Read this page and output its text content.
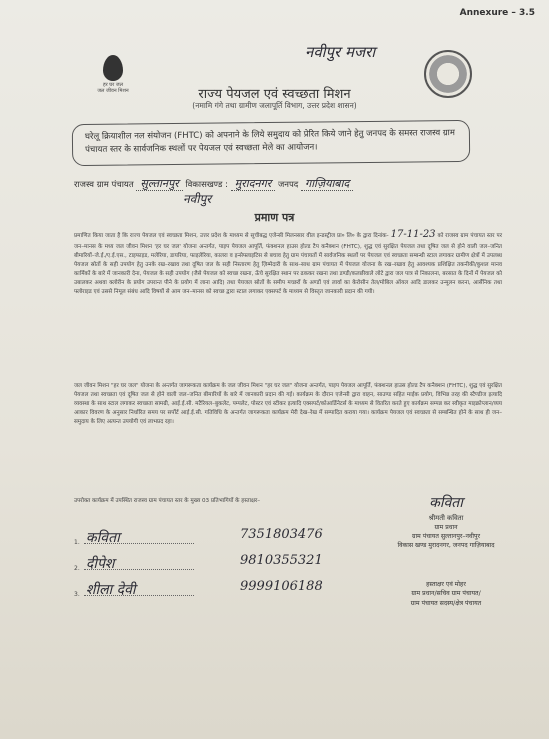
Annexure – 3.5
हर घर जल
जल जीवन मिशन
नवीपुर मजरा
राज्य पेयजल एवं स्वच्छता मिशन
(नमामि गंगे तथा ग्रामीण जलापूर्ति विभाग, उत्तर प्रदेश शासन)
घरेलू क्रियाशील नल संयोजन (FHTC) को अपनाने के लिये समुदाय को प्रेरित किये जाने हेतु जनपद के समस्त राजस्व ग्राम पंचायत स्तर के सार्वजनिक स्थलों पर पेयजल एवं स्वच्छता मेले का आयोजन।
राजस्व ग्राम पंचायत सुल्तानपुर विकासखण्ड : मुरादनगर जनपद गाज़ियाबाद
नवीपुर
प्रमाण पत्र
प्रमाणित किया जाता है कि राज्य पेयजल एवं स्वच्छता मिशन, उत्तर प्रदेश के माध्यम से सूचीबद्ध एजेन्सी मिलनसार वील इन्डस्ट्रीज प्रा० लि० के द्वारा दिनांक- 17-11-23 को राजस्व ग्राम पंचायत स्तर पर जन–मानस के मध्य जल जीवन मिशन 'हर घर जल' योजना अन्तर्गत, पाइप पेयजल आपूर्ति, फंक्शनल हाउस होल्ड टैप कनैक्शन (FHTC), शुद्ध एवं सुरक्षित पेयजल तथा दूषित जल से होने वाली जल–जनित बीमारियों–जे.ई./ए.ई.एस., टाइफाइड, मलेरिया, डायरिया, फाइलेरिया, कालरा व इन्सेफ्लाइटिस से बचाव हेतु ग्राम पंचायतों में सार्वजनिक स्थलों पर पेयजल एवं स्वच्छता सम्बन्धी स्टाल लगाकर ग्रामीण क्षेत्रों में उपलब्ध पेयजल स्रोतों के सही उपयोग हेतु उनके रख–रखाव तथा दूषित जल के सही निस्तारण हेतु ज़िम्मेदारी के साथ–साथ ग्राम पंचायत में पेयजल योजना के रख–रखाव हेतु आवश्यक प्रशिक्षित तकनीकी/कुशल मानव कार्मिकों के बारे में जानकारी देना, पेयजल के सही उपयोग (जैसे पेयजल को स्वच्छ रखना, ऊँचे सुरक्षित स्थान पर ढककर रखना तथा डण्डी/कलछीवाले लोटे द्वारा जल पात्र से निकालना, बरसात के दिनों में पेयजल को उबालकर अथवा क्लोरीन के प्रयोग उपरान्त पीने के प्रयोग में लाना आदि) तथा पेयजल स्रोतों के समीप मच्छरों के अण्डों एवं लार्वा का केरोसीन तेल/मोबिल ऑयल आदि डालकर उन्मूलन करना, आर्सेनिक तथा फ्लोराइड एवं उससे निमूल संबंध आदि विषयों से आम जन–मानस को स्वच्छ द्वारा स्टाल लगाकर एक्सपर्ट के माध्यम से विस्तृत जानकारी प्रदान की गयी।
जल जीवन मिशन "हर घर जल" योजना के अन्तर्गत जागरूकता कार्यक्रम के जल जीवन मिशन "हर घर जल" योजना अन्तर्गत, पाइप पेयजल आपूर्ति, फंक्शनल हाउस होल्ड टैप कनैक्शन (FHTC), शुद्ध एवं सुरक्षित पेयजल तथा स्वच्छता एवं दूषित जल से होने वाली जल–जनित बीमारियों के बारे में जानकारी प्रदान की गई। कार्यक्रम के दौरान एजेन्सी द्वारा वाहन, साउण्ड सहित माईक प्रयोग, विभिन्न तरह की स्टैण्डीज इत्यादि व्यवस्था के साथ स्टाल लगाकर स्वच्छता सामग्री, आई.ई.सी. मटैरियल–बुकलेट, पम्पलेट, पोस्टर एवं स्टीकर इत्यादि एक्सपर्ट/कोआर्डिनेटर्स के माध्यम से वितरित करते हुए कार्यक्रम सम्पन्न कर स्वीकृत माइक्रोप्लान/व्यय आकार विवरण के अनुसार निर्धारित समय पर सर्पोर्ट आई.ई.सी. गतिविधि के अन्तर्गत जागरूकता कार्यक्रम मेरी देख–रेख में सम्पादित कराया गया। कार्यक्रम पेयजल एवं स्वच्छता से सम्बन्धित होने के साथ ही जन–समुदाय के लिए अत्यन्त उपयोगी एवं लाभप्रद रहा।
उपरोक्त कार्यक्रम में उपस्थित राजस्व ग्राम पंचायत स्तर के मुख्य 03 प्रतिभागियों के हस्ताक्षर–
1. कविता	7351803476
2. दीपेश	9810355321
3. शीला देवी	9999106188
कविता
श्रीमती कविता
ग्राम प्रधान
ग्राम पंचायत सुल्तानपुर–नवीपुर
विकास खण्ड मुरादनगर, जनपद गाज़ियाबाद
हस्ताक्षर एवं मोहर
ग्राम प्रधान/सचिव ग्राम पंचायत/
ग्राम पंचायत सदस्य/क्षेत्र पंचायत
